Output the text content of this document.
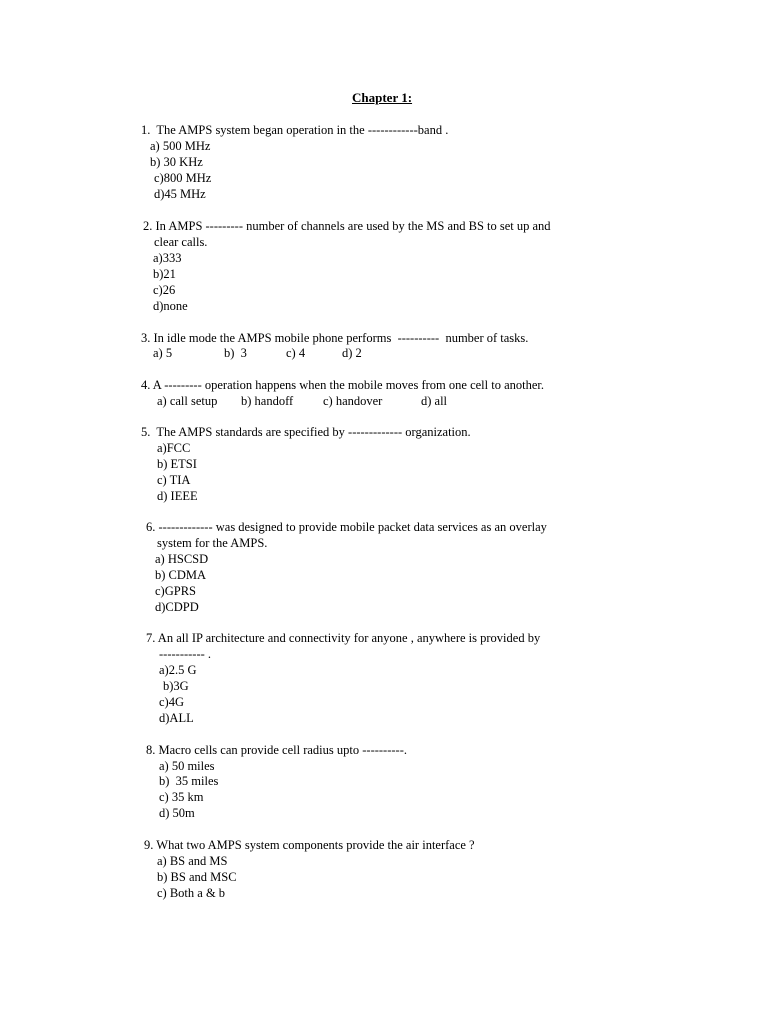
Chapter 1:
1.  The AMPS system began operation in the ------------band .
a) 500 MHz
b) 30 KHz
c)800 MHz
d)45 MHz
2. In AMPS --------- number of channels are used by the MS and BS to set up and
clear calls.
a)333
b)21
c)26
d)none
3. In idle mode the AMPS mobile phone performs  ----------  number of tasks.
a) 5	b)  3	c) 4	d) 2
4. A --------- operation happens when the mobile moves from one cell to another.
a) call setup b) handoff c) handover	d) all
5.  The AMPS standards are specified by ------------- organization.
a)FCC
b) ETSI
c) TIA
d) IEEE
6. ------------- was designed to provide mobile packet data services as an overlay
system for the AMPS.
a) HSCSD
b) CDMA
c)GPRS
d)CDPD
7. An all IP architecture and connectivity for anyone , anywhere is provided by
----------- .
a)2.5 G
b)3G
c)4G
d)ALL
8. Macro cells can provide cell radius upto ----------.
a) 50 miles
b)  35 miles
c) 35 km
d) 50m
9. What two AMPS system components provide the air interface ?
a) BS and MS
b) BS and MSC
c) Both a & b
